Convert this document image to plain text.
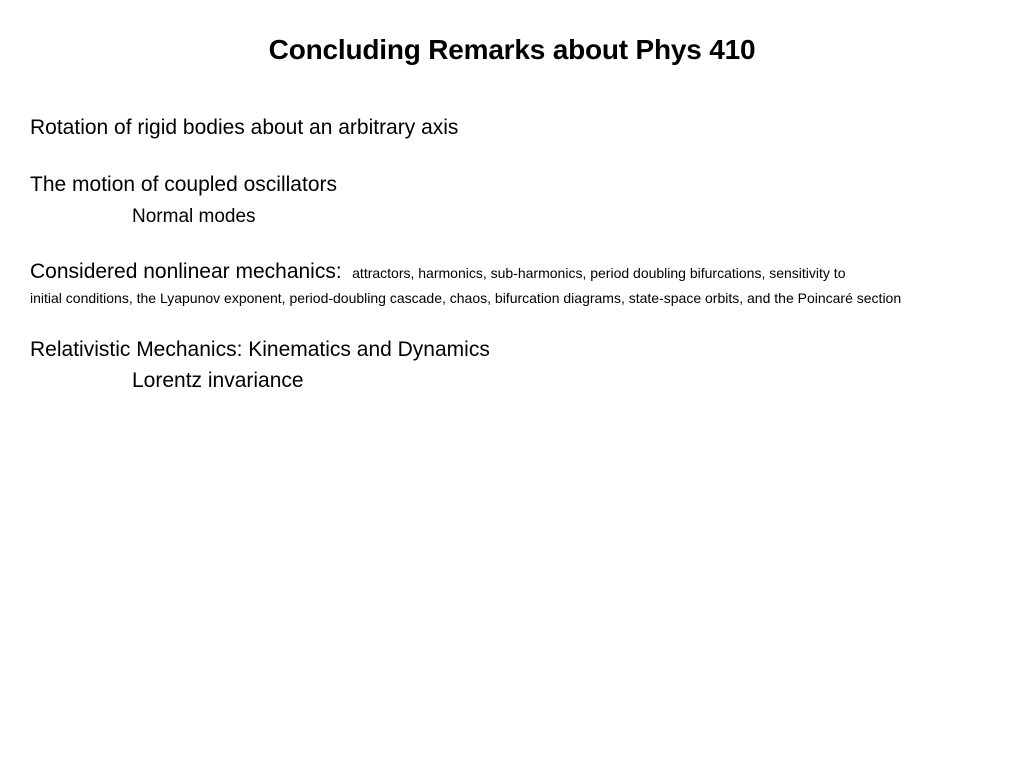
Concluding Remarks about Phys 410
Rotation of rigid bodies about an arbitrary axis
The motion of coupled oscillators
Normal modes
Considered nonlinear mechanics: attractors, harmonics, sub-harmonics, period doubling bifurcations, sensitivity to
initial conditions, the Lyapunov exponent, period-doubling cascade, chaos, bifurcation diagrams, state-space orbits, and the Poincaré section
Relativistic Mechanics: Kinematics and Dynamics
Lorentz invariance
